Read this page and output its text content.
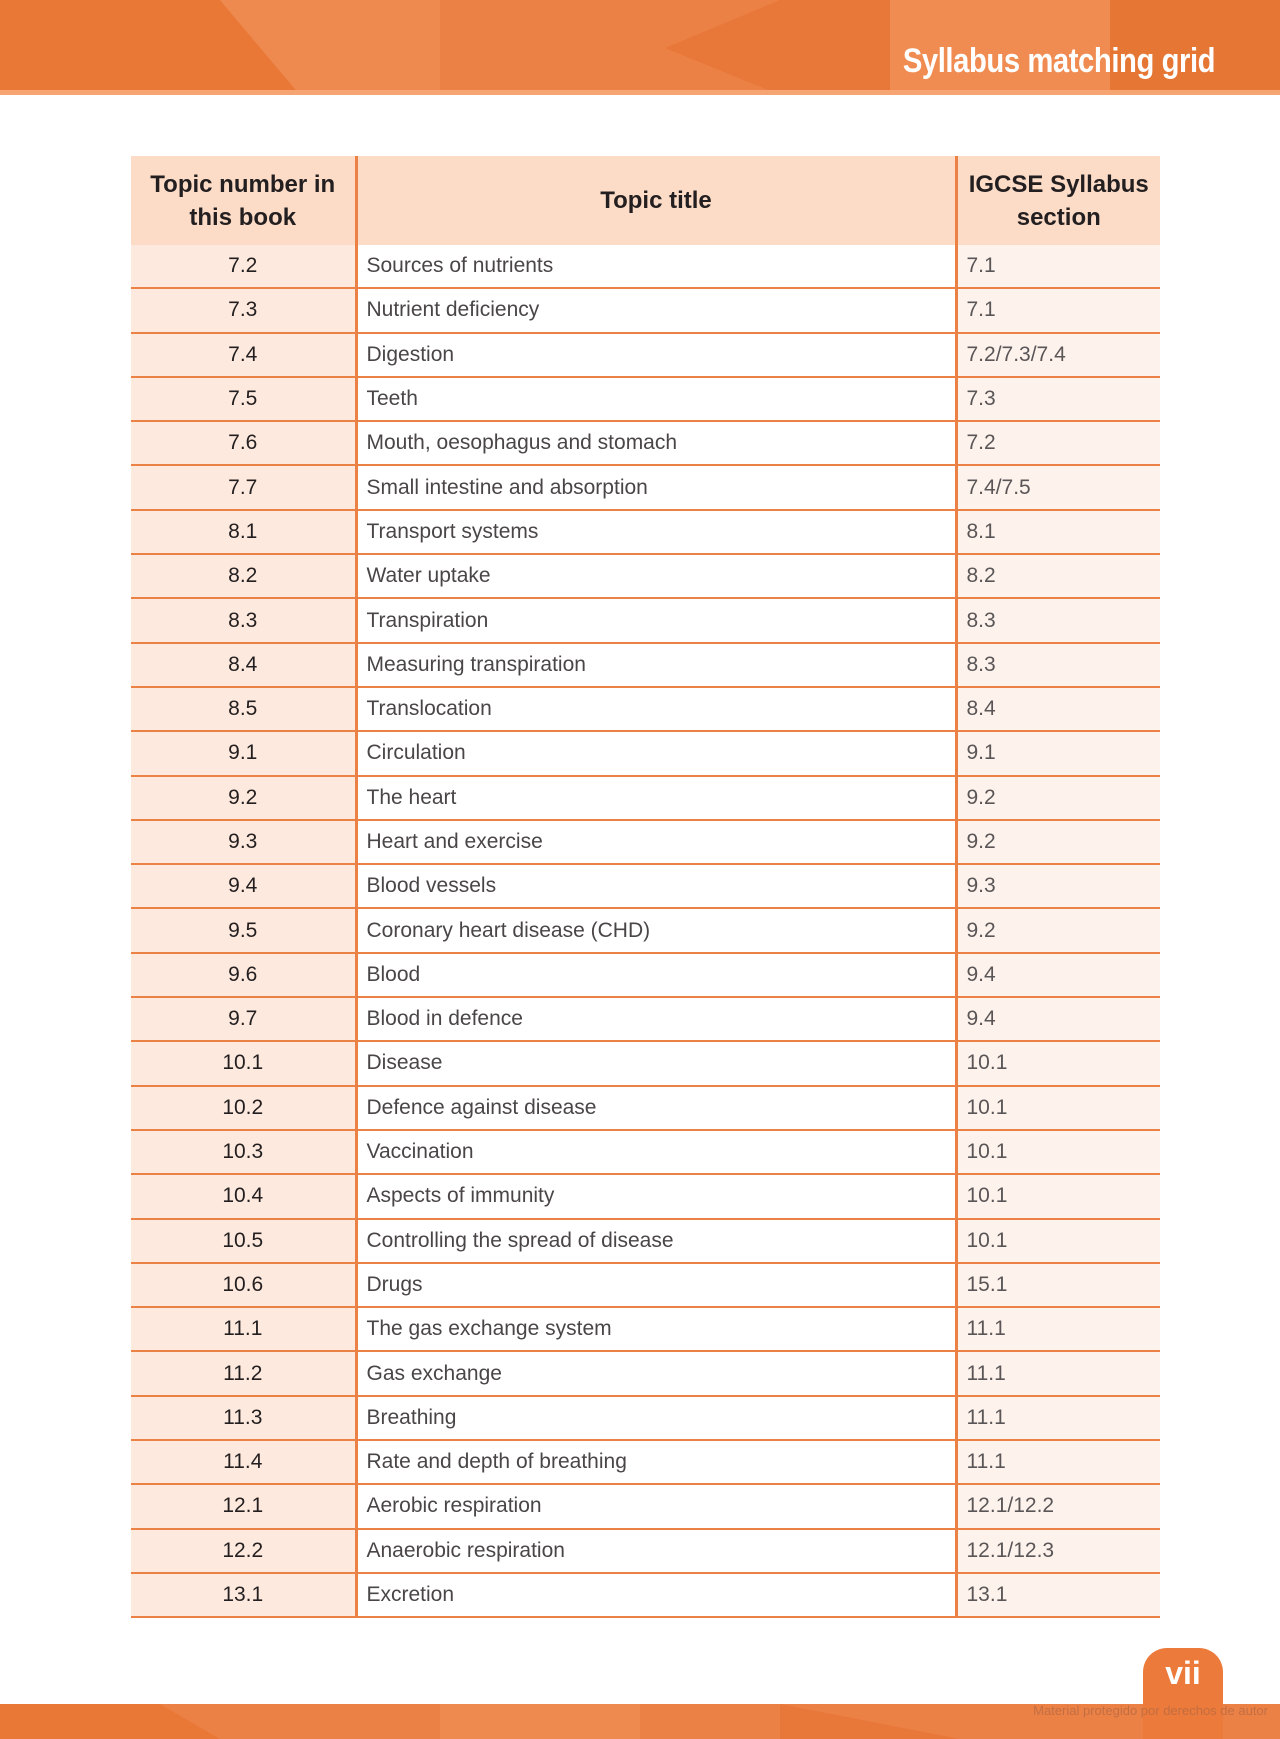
Syllabus matching grid
Topic number in this book	Topic title	IGCSE Syllabus section
7.2	Sources of nutrients	7.1
7.3	Nutrient deficiency	7.1
7.4	Digestion	7.2/7.3/7.4
7.5	Teeth	7.3
7.6	Mouth, oesophagus and stomach	7.2
7.7	Small intestine and absorption	7.4/7.5
8.1	Transport systems	8.1
8.2	Water uptake	8.2
8.3	Transpiration	8.3
8.4	Measuring transpiration	8.3
8.5	Translocation	8.4
9.1	Circulation	9.1
9.2	The heart	9.2
9.3	Heart and exercise	9.2
9.4	Blood vessels	9.3
9.5	Coronary heart disease (CHD)	9.2
9.6	Blood	9.4
9.7	Blood in defence	9.4
10.1	Disease	10.1
10.2	Defence against disease	10.1
10.3	Vaccination	10.1
10.4	Aspects of immunity	10.1
10.5	Controlling the spread of disease	10.1
10.6	Drugs	15.1
11.1	The gas exchange system	11.1
11.2	Gas exchange	11.1
11.3	Breathing	11.1
11.4	Rate and depth of breathing	11.1
12.1	Aerobic respiration	12.1/12.2
12.2	Anaerobic respiration	12.1/12.3
13.1	Excretion	13.1
vii
Material protegido por derechos de autor
